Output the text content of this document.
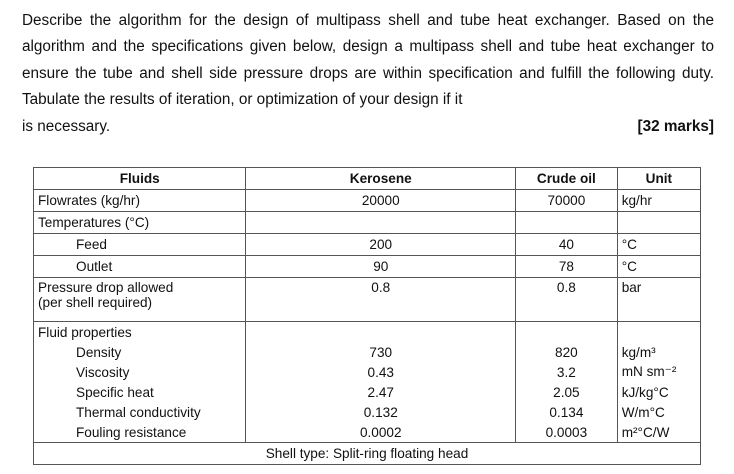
Describe the algorithm for the design of multipass shell and tube heat exchanger. Based on the algorithm and the specifications given below, design a multipass shell and tube heat exchanger to ensure the tube and shell side pressure drops are within specification and fulfill the following duty. Tabulate the results of iteration, or optimization of your design if it
is necessary.	[32 marks]
Fluids	Kerosene	Crude oil	Unit
Flowrates (kg/hr)	20000	70000	kg/hr
Temperatures (°C)			
Feed	200	40	°C
Outlet	90	78	°C
Pressure drop allowed
(per shell required)	0.8	0.8	bar
Fluid properties			
Density	730	820	kg/m³
Viscosity	0.43	3.2	mN sm⁻²
Specific heat	2.47	2.05	kJ/kg°C
Thermal conductivity	0.132	0.134	W/m°C
Fouling resistance	0.0002	0.0003	m²°C/W
Shell type: Split-ring floating head			
